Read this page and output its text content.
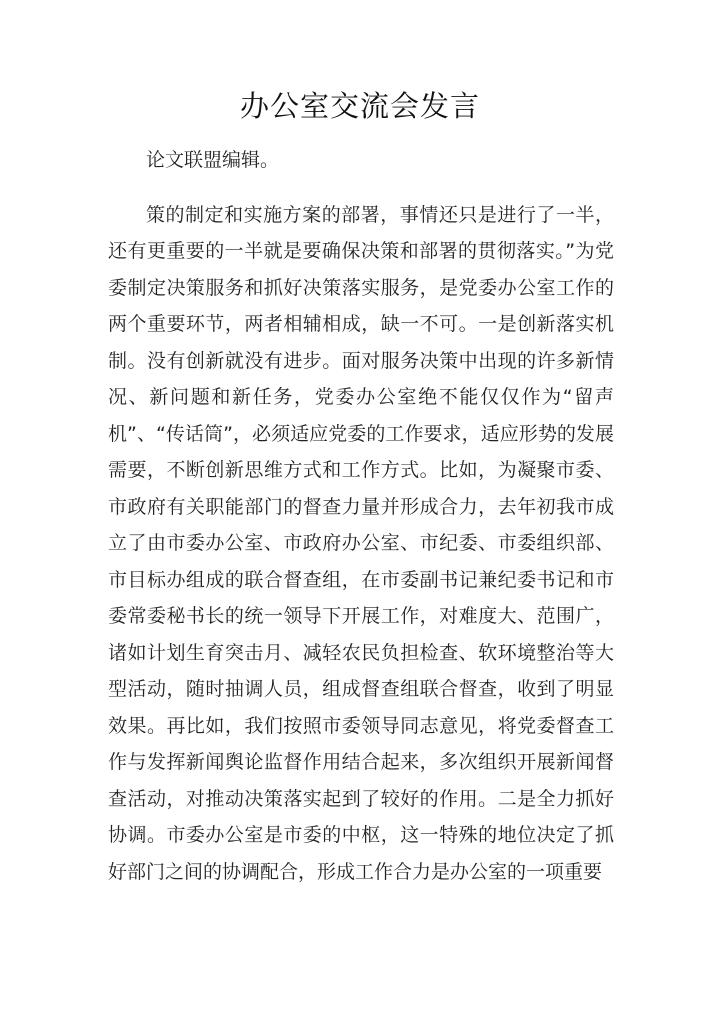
办公室交流会发言

论文联盟编辑。

策的制定和实施方案的部署，事情还只是进行了一半，还有更重要的一半就是要确保决策和部署的贯彻落实。”为党委制定决策服务和抓好决策落实服务，是党委办公室工作的两个重要环节，两者相辅相成，缺一不可。一是创新落实机制。没有创新就没有进步。面对服务决策中出现的许多新情况、新问题和新任务，党委办公室绝不能仅仅作为“留声机”、“传话筒”，必须适应党委的工作要求，适应形势的发展需要，不断创新思维方式和工作方式。比如，为凝聚市委、市政府有关职能部门的督查力量并形成合力，去年初我市成立了由市委办公室、市政府办公室、市纪委、市委组织部、市目标办组成的联合督查组，在市委副书记兼纪委书记和市委常委秘书长的统一领导下开展工作，对难度大、范围广，诸如计划生育突击月、减轻农民负担检查、软环境整治等大型活动，随时抽调人员，组成督查组联合督查，收到了明显效果。再比如，我们按照市委领导同志意见，将党委督查工作与发挥新闻舆论监督作用结合起来，多次组织开展新闻督查活动，对推动决策落实起到了较好的作用。二是全力抓好协调。市委办公室是市委的中枢，这一特殊的地位决定了抓好部门之间的协调配合，形成工作合力是办公室的一项重要
